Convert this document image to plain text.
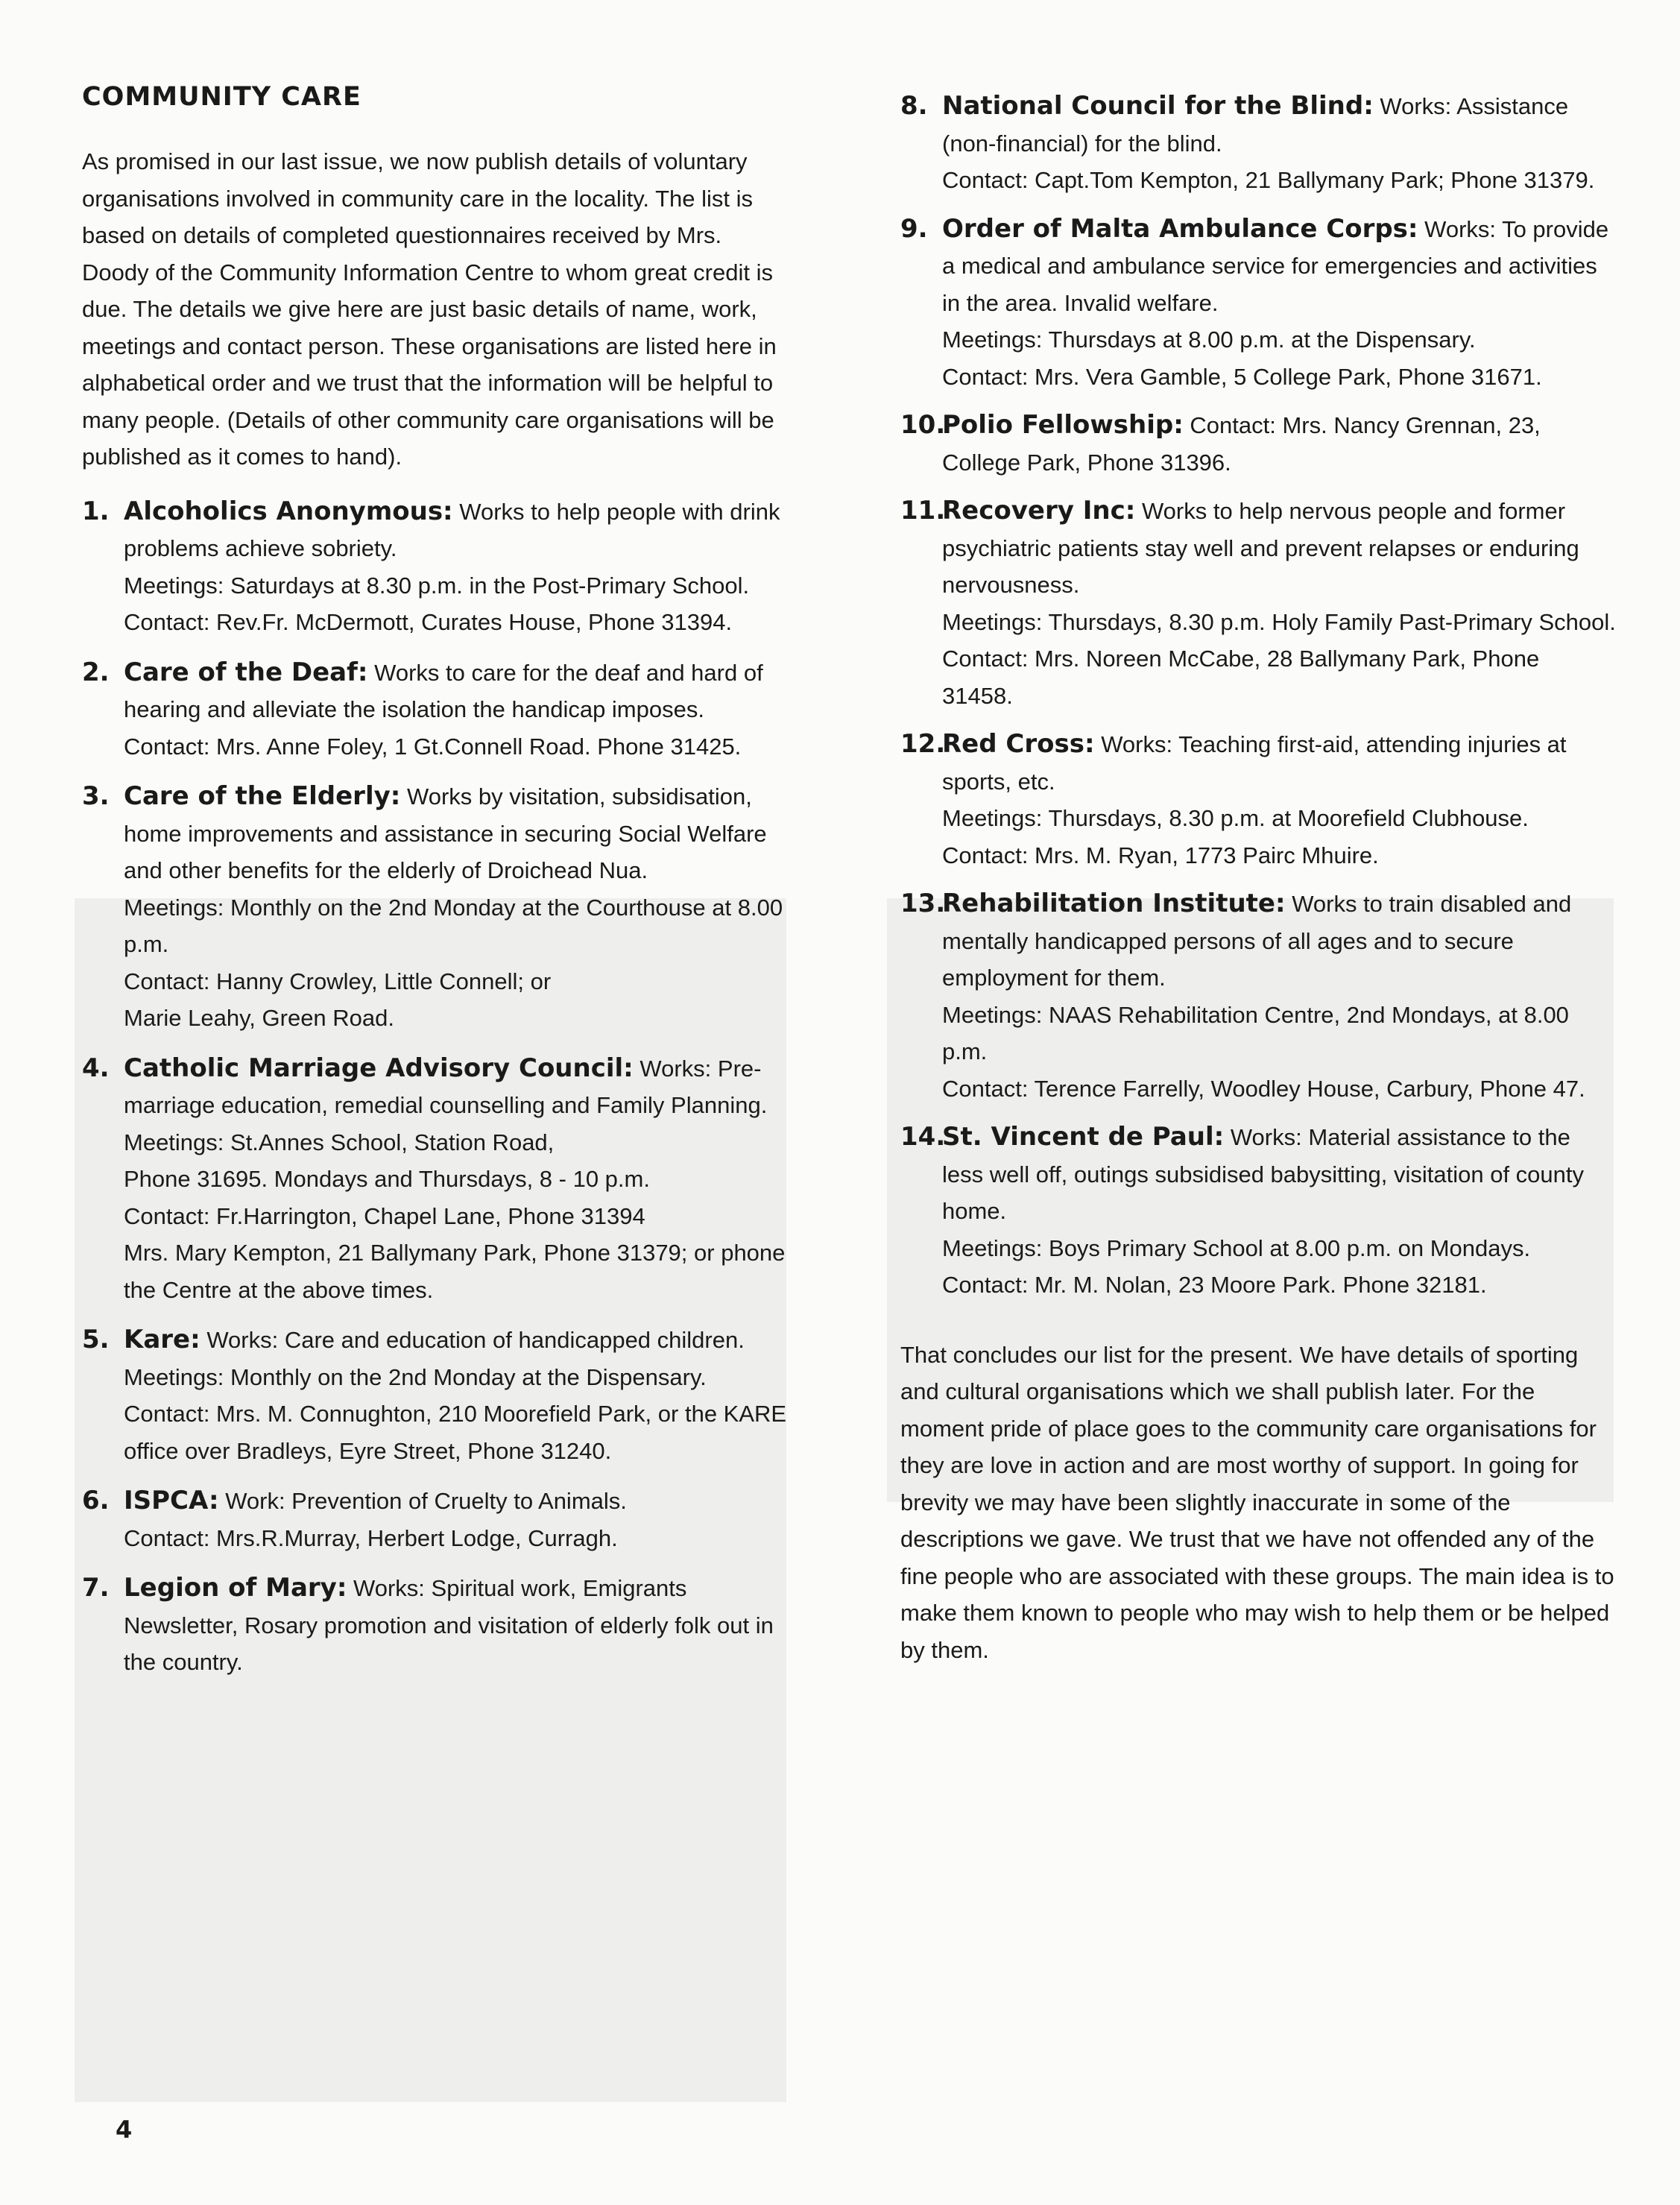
COMMUNITY CARE

As promised in our last issue, we now publish details of voluntary organisations involved in community care in the locality. The list is based on details of completed questionnaires received by Mrs. Doody of the Community Information Centre to whom great credit is due. The details we give here are just basic details of name, work, meetings and contact person. These organisations are listed here in alphabetical order and we trust that the information will be helpful to many people. (Details of other community care organisations will be published as it comes to hand).

1. Alcoholics Anonymous: Works to help people with drink problems achieve sobriety.
Meetings: Saturdays at 8.30 p.m. in the Post-Primary School.
Contact: Rev.Fr. McDermott, Curates House, Phone 31394.
2. Care of the Deaf: Works to care for the deaf and hard of hearing and alleviate the isolation the handicap imposes.
Contact: Mrs. Anne Foley, 1 Gt.Connell Road. Phone 31425.
3. Care of the Elderly: Works by visitation, subsidisation, home improvements and assistance in securing Social Welfare and other benefits for the elderly of Droichead Nua.
Meetings: Monthly on the 2nd Monday at the Courthouse at 8.00 p.m.
Contact: Hanny Crowley, Little Connell; or
Marie Leahy, Green Road.
4. Catholic Marriage Advisory Council: Works: Pre-marriage education, remedial counselling and Family Planning.
Meetings: St.Annes School, Station Road,
Phone 31695. Mondays and Thursdays, 8 - 10 p.m.
Contact: Fr.Harrington, Chapel Lane, Phone 31394
Mrs. Mary Kempton, 21 Ballymany Park, Phone 31379; or phone the Centre at the above times.
5. Kare: Works: Care and education of handicapped children.
Meetings: Monthly on the 2nd Monday at the Dispensary.
Contact: Mrs. M. Connughton, 210 Moorefield Park, or the KARE office over Bradleys, Eyre Street, Phone 31240.
6. ISPCA: Work: Prevention of Cruelty to Animals.
Contact: Mrs.R.Murray, Herbert Lodge, Curragh.
7. Legion of Mary: Works: Spiritual work, Emigrants Newsletter, Rosary promotion and visitation of elderly folk out in the country.
8. National Council for the Blind: Works: Assistance (non-financial) for the blind.
Contact: Capt.Tom Kempton, 21 Ballymany Park; Phone 31379.
9. Order of Malta Ambulance Corps: Works: To provide a medical and ambulance service for emergencies and activities in the area. Invalid welfare.
Meetings: Thursdays at 8.00 p.m. at the Dispensary.
Contact: Mrs. Vera Gamble, 5 College Park, Phone 31671.
10.
Polio Fellowship: Contact: Mrs. Nancy Grennan, 23, College Park, Phone 31396.
11.
Recovery Inc: Works to help nervous people and former psychiatric patients stay well and prevent relapses or enduring nervousness.
Meetings: Thursdays, 8.30 p.m. Holy Family Past-Primary School.
Contact: Mrs. Noreen McCabe, 28 Ballymany Park, Phone 31458.
12.
Red Cross: Works: Teaching first-aid, attending injuries at sports, etc.
Meetings: Thursdays, 8.30 p.m. at Moorefield Clubhouse.
Contact: Mrs. M. Ryan, 1773 Pairc Mhuire.
13.
Rehabilitation Institute: Works to train disabled and mentally handicapped persons of all ages and to secure employment for them.
Meetings: NAAS Rehabilitation Centre, 2nd Mondays, at 8.00 p.m.
Contact: Terence Farrelly, Woodley House, Carbury, Phone 47.
14.
St. Vincent de Paul: Works: Material assistance to the less well off, outings subsidised babysitting, visitation of county home.
Meetings: Boys Primary School at 8.00 p.m. on Mondays.
Contact: Mr. M. Nolan, 23 Moore Park. Phone 32181.

That concludes our list for the present. We have details of sporting and cultural organisations which we shall publish later. For the moment pride of place goes to the community care organisations for they are love in action and are most worthy of support. In going for brevity we may have been slightly inaccurate in some of the descriptions we gave. We trust that we have not offended any of the fine people who are associated with these groups. The main idea is to make them known to people who may wish to help them or be helped by them.

4
